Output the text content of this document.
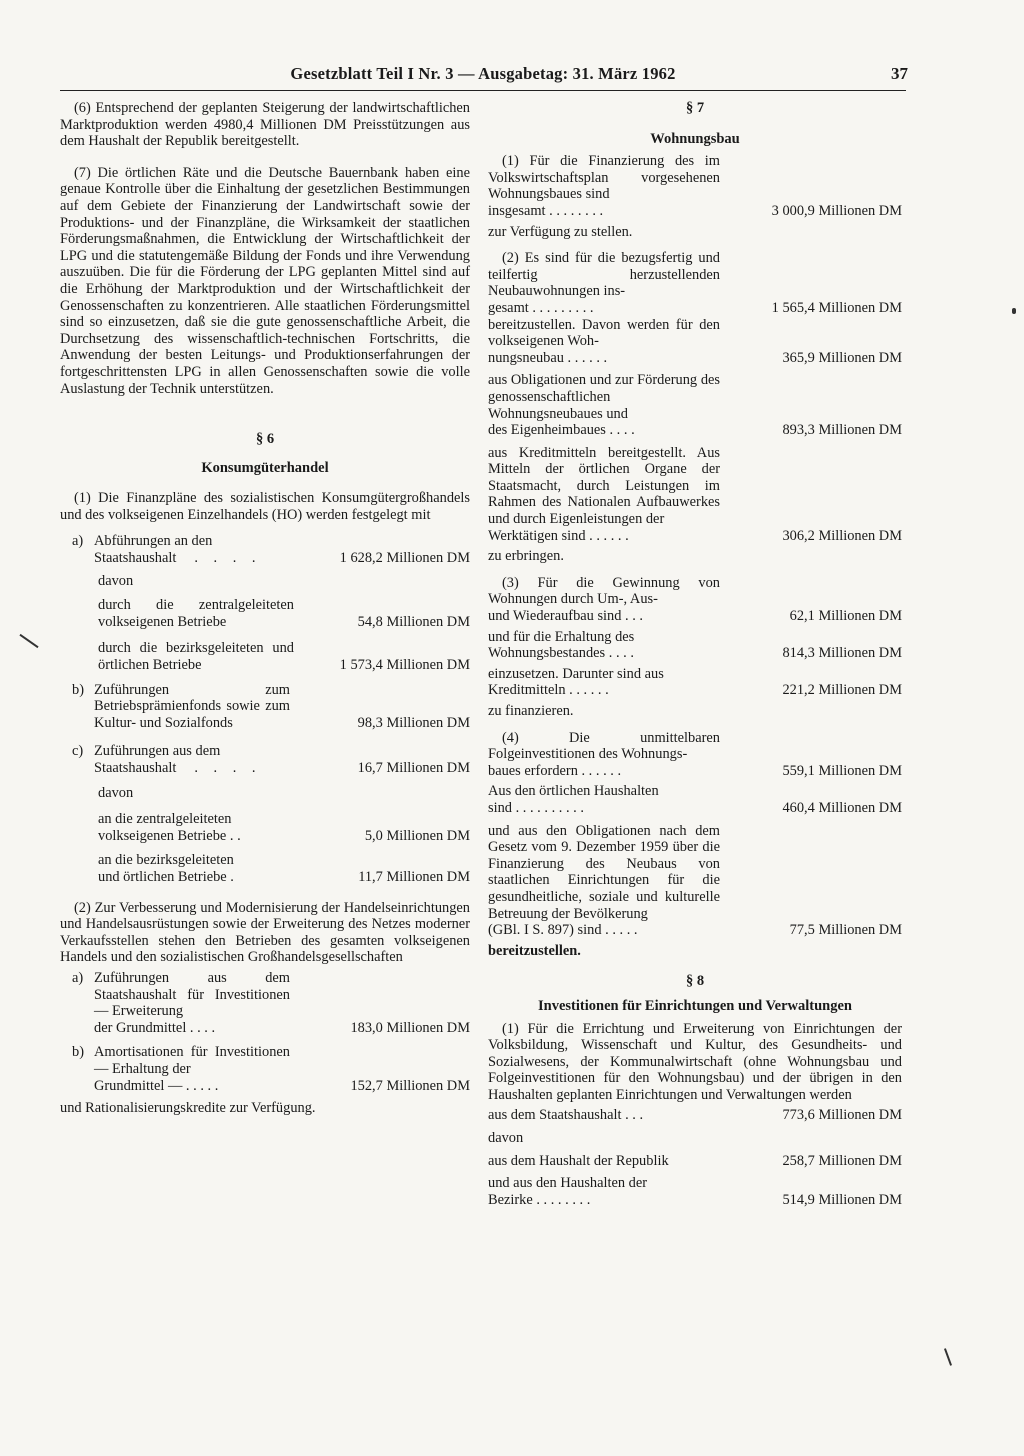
Gesetzblatt Teil I Nr. 3 — Ausgabetag: 31. März 1962	37

(6) Entsprechend der geplanten Steigerung der landwirtschaftlichen Marktproduktion werden 4980,4 Millionen DM Preisstützungen aus dem Haushalt der Republik bereitgestellt.

(7) Die örtlichen Räte und die Deutsche Bauernbank haben eine genaue Kontrolle über die Einhaltung der gesetzlichen Bestimmungen auf dem Gebiete der Finanzierung der Landwirtschaft sowie der Produktions- und der Finanzpläne, die Wirksamkeit der staatlichen Förderungsmaßnahmen, die Entwicklung der Wirtschaftlichkeit der LPG und die statutengemäße Bildung der Fonds und ihre Verwendung auszuüben. Die für die Förderung der LPG geplanten Mittel sind auf die Erhöhung der Marktproduktion und der Wirtschaftlichkeit der Genossenschaften zu konzentrieren. Alle staatlichen Förderungsmittel sind so einzusetzen, daß sie die gute genossenschaftliche Arbeit, die Durchsetzung des wissenschaftlich-technischen Fortschritts, die Anwendung der besten Leitungs- und Produktionserfahrungen der fortgeschrittensten LPG in allen Genossenschaften sowie die volle Auslastung der Technik unterstützen.

§ 6
Konsumgüterhandel

(1) Die Finanzpläne des sozialistischen Konsumgütergroßhandels und des volkseigenen Einzelhandels (HO) werden festgelegt mit

a) Abführungen an den
Staatshaushalt . . . .	1 628,2 Millionen DM
davon
durch die zentralgeleiteten volkseigenen Betriebe	54,8 Millionen DM
durch die bezirksgeleiteten und örtlichen Betriebe	1 573,4 Millionen DM
b) Zuführungen zum Betriebsprämienfonds sowie zum Kultur- und Sozialfonds	98,3 Millionen DM
c) Zuführungen aus dem
Staatshaushalt . . . .	16,7 Millionen DM
davon
an die zentralgeleiteten
volkseigenen Betriebe . .	5,0 Millionen DM
an die bezirksgeleiteten
und örtlichen Betriebe .	11,7 Millionen DM

(2) Zur Verbesserung und Modernisierung der Handelseinrichtungen und Handelsausrüstungen sowie der Erweiterung des Netzes moderner Verkaufsstellen stehen den Betrieben des gesamten volkseigenen Handels und den sozialistischen Großhandelsgesellschaften

a) Zuführungen aus dem Staatshaushalt für Investitionen — Erweiterung
der Grundmittel . . . .	183,0 Millionen DM
b) Amortisationen für Investitionen — Erhaltung der
Grundmittel — . . . . .	152,7 Millionen DM

und Rationalisierungskredite zur Verfügung.

§ 7
Wohnungsbau

(1) Für die Finanzierung des im Volkswirtschaftsplan vorgesehenen Wohnungsbaues sind

insgesamt . . . . . . . .	3 000,9 Millionen DM
zur Verfügung zu stellen.

(2) Es sind für die bezugsfertig und teilfertig herzustellenden Neubauwohnungen ins-

gesamt . . . . . . . . .	1 565,4 Millionen DM

bereitzustellen. Davon werden für den volkseigenen Woh-

nungsneubau . . . . . .	365,9 Millionen DM

aus Obligationen und zur Förderung des genossenschaftlichen Wohnungsneubaues und

des Eigenheimbaues . . . .	893,3 Millionen DM

aus Kreditmitteln bereitgestellt. Aus Mitteln der örtlichen Organe der Staatsmacht, durch Leistungen im Rahmen des Nationalen Aufbauwerkes und durch Eigenleistungen der

Werktätigen sind . . . . . .	306,2 Millionen DM
zu erbringen.

(3) Für die Gewinnung von Wohnungen durch Um-, Aus-

und Wiederaufbau sind . . .	62,1 Millionen DM

und für die Erhaltung des

Wohnungsbestandes . . . .	814,3 Millionen DM

einzusetzen. Darunter sind aus

Kreditmitteln . . . . . .	221,2 Millionen DM
zu finanzieren.

(4) Die unmittelbaren Folgeinvestitionen des Wohnungs-

baues erfordern . . . . . .	559,1 Millionen DM

Aus den örtlichen Haushalten

sind . . . . . . . . . .	460,4 Millionen DM

und aus den Obligationen nach dem Gesetz vom 9. Dezember 1959 über die Finanzierung des Neubaus von staatlichen Einrichtungen für die gesundheitliche, soziale und kulturelle Betreuung der Bevölkerung

(GBl. I S. 897) sind . . . . .	77,5 Millionen DM
bereitzustellen.
§ 8
Investitionen für Einrichtungen und Verwaltungen

(1) Für die Errichtung und Erweiterung von Einrichtungen der Volksbildung, Wissenschaft und Kultur, des Gesundheits- und Sozialwesens, der Kommunalwirtschaft (ohne Wohnungsbau und Folgeinvestitionen für den Wohnungsbau) und der übrigen in den Haushalten geplanten Einrichtungen und Verwaltungen werden

aus dem Staatshaushalt . . .	773,6 Millionen DM
davon
aus dem Haushalt der Republik	258,7 Millionen DM

und aus den Haushalten der

Bezirke . . . . . . . .	514,9 Millionen DM
